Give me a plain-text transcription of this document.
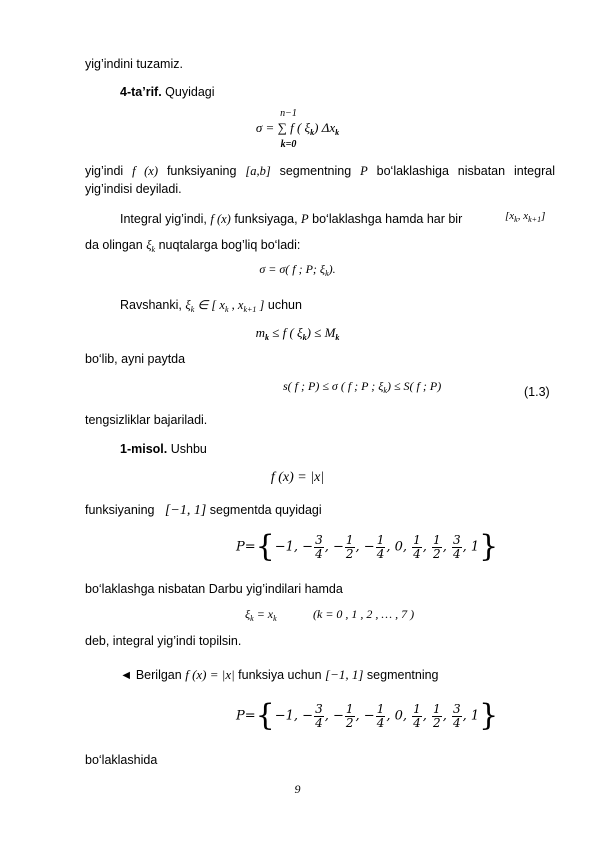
yig’indini tuzamiz.
4-ta’rif. Quyidagi
n−1
σ = ∑ f ( $\xi_k$) $\Delta x_k$
k=0
yig’indi f (x) funksiyaning [a,b] segmentning P bo‘laklashiga nisbatan integral
yig’indisi deyiladi.
Integral yig’indi, f (x) funksiyaga, P bo‘laklashga hamda har bir	[$x_k$, $x_{k+1}$]
da olingan $\xi_k$ nuqtalarga bog’liq bo‘ladi:
σ = σ( f ; P; $\xi_k$).
Ravshanki, $\xi_k$ ∈ [ $x_k$ , $x_{k+1}$ ] uchun
$m_k \le f$ ( $\xi_k) \le M_k$
bo‘lib, ayni paytda
s( f ; P) ≤ σ ( f ; P ; $\xi_k) \le S$( f ; P)	(1.3)
tengsizliklar bajariladi.
1-misol. Ushbu
f (x) = |x|
funksiyaning [−1, 1] segmentda quyidagi
P={−1, − $\frac{3}{4}$ , − $\frac{1}{2}$ , − $\frac{1}{4}$ , 0, $\frac{1}{4}$ , $\frac{1}{2}$ , $\frac{3}{4}$ , 1}
bo‘laklashga nisbatan Darbu yig’indilari hamda
$\xi_k = x_k$	(k = 0 , 1 , 2 , … , 7 )
deb, integral yig’indi topilsin.
◄ Berilgan f (x) = |x| funksiya uchun [−1, 1] segmentning
P={−1, − $\frac{3}{4}$ , − $\frac{1}{2}$ , − $\frac{1}{4}$ , 0, $\frac{1}{4}$ , $\frac{1}{2}$ , $\frac{3}{4}$ , 1}
bo‘laklashida
9
